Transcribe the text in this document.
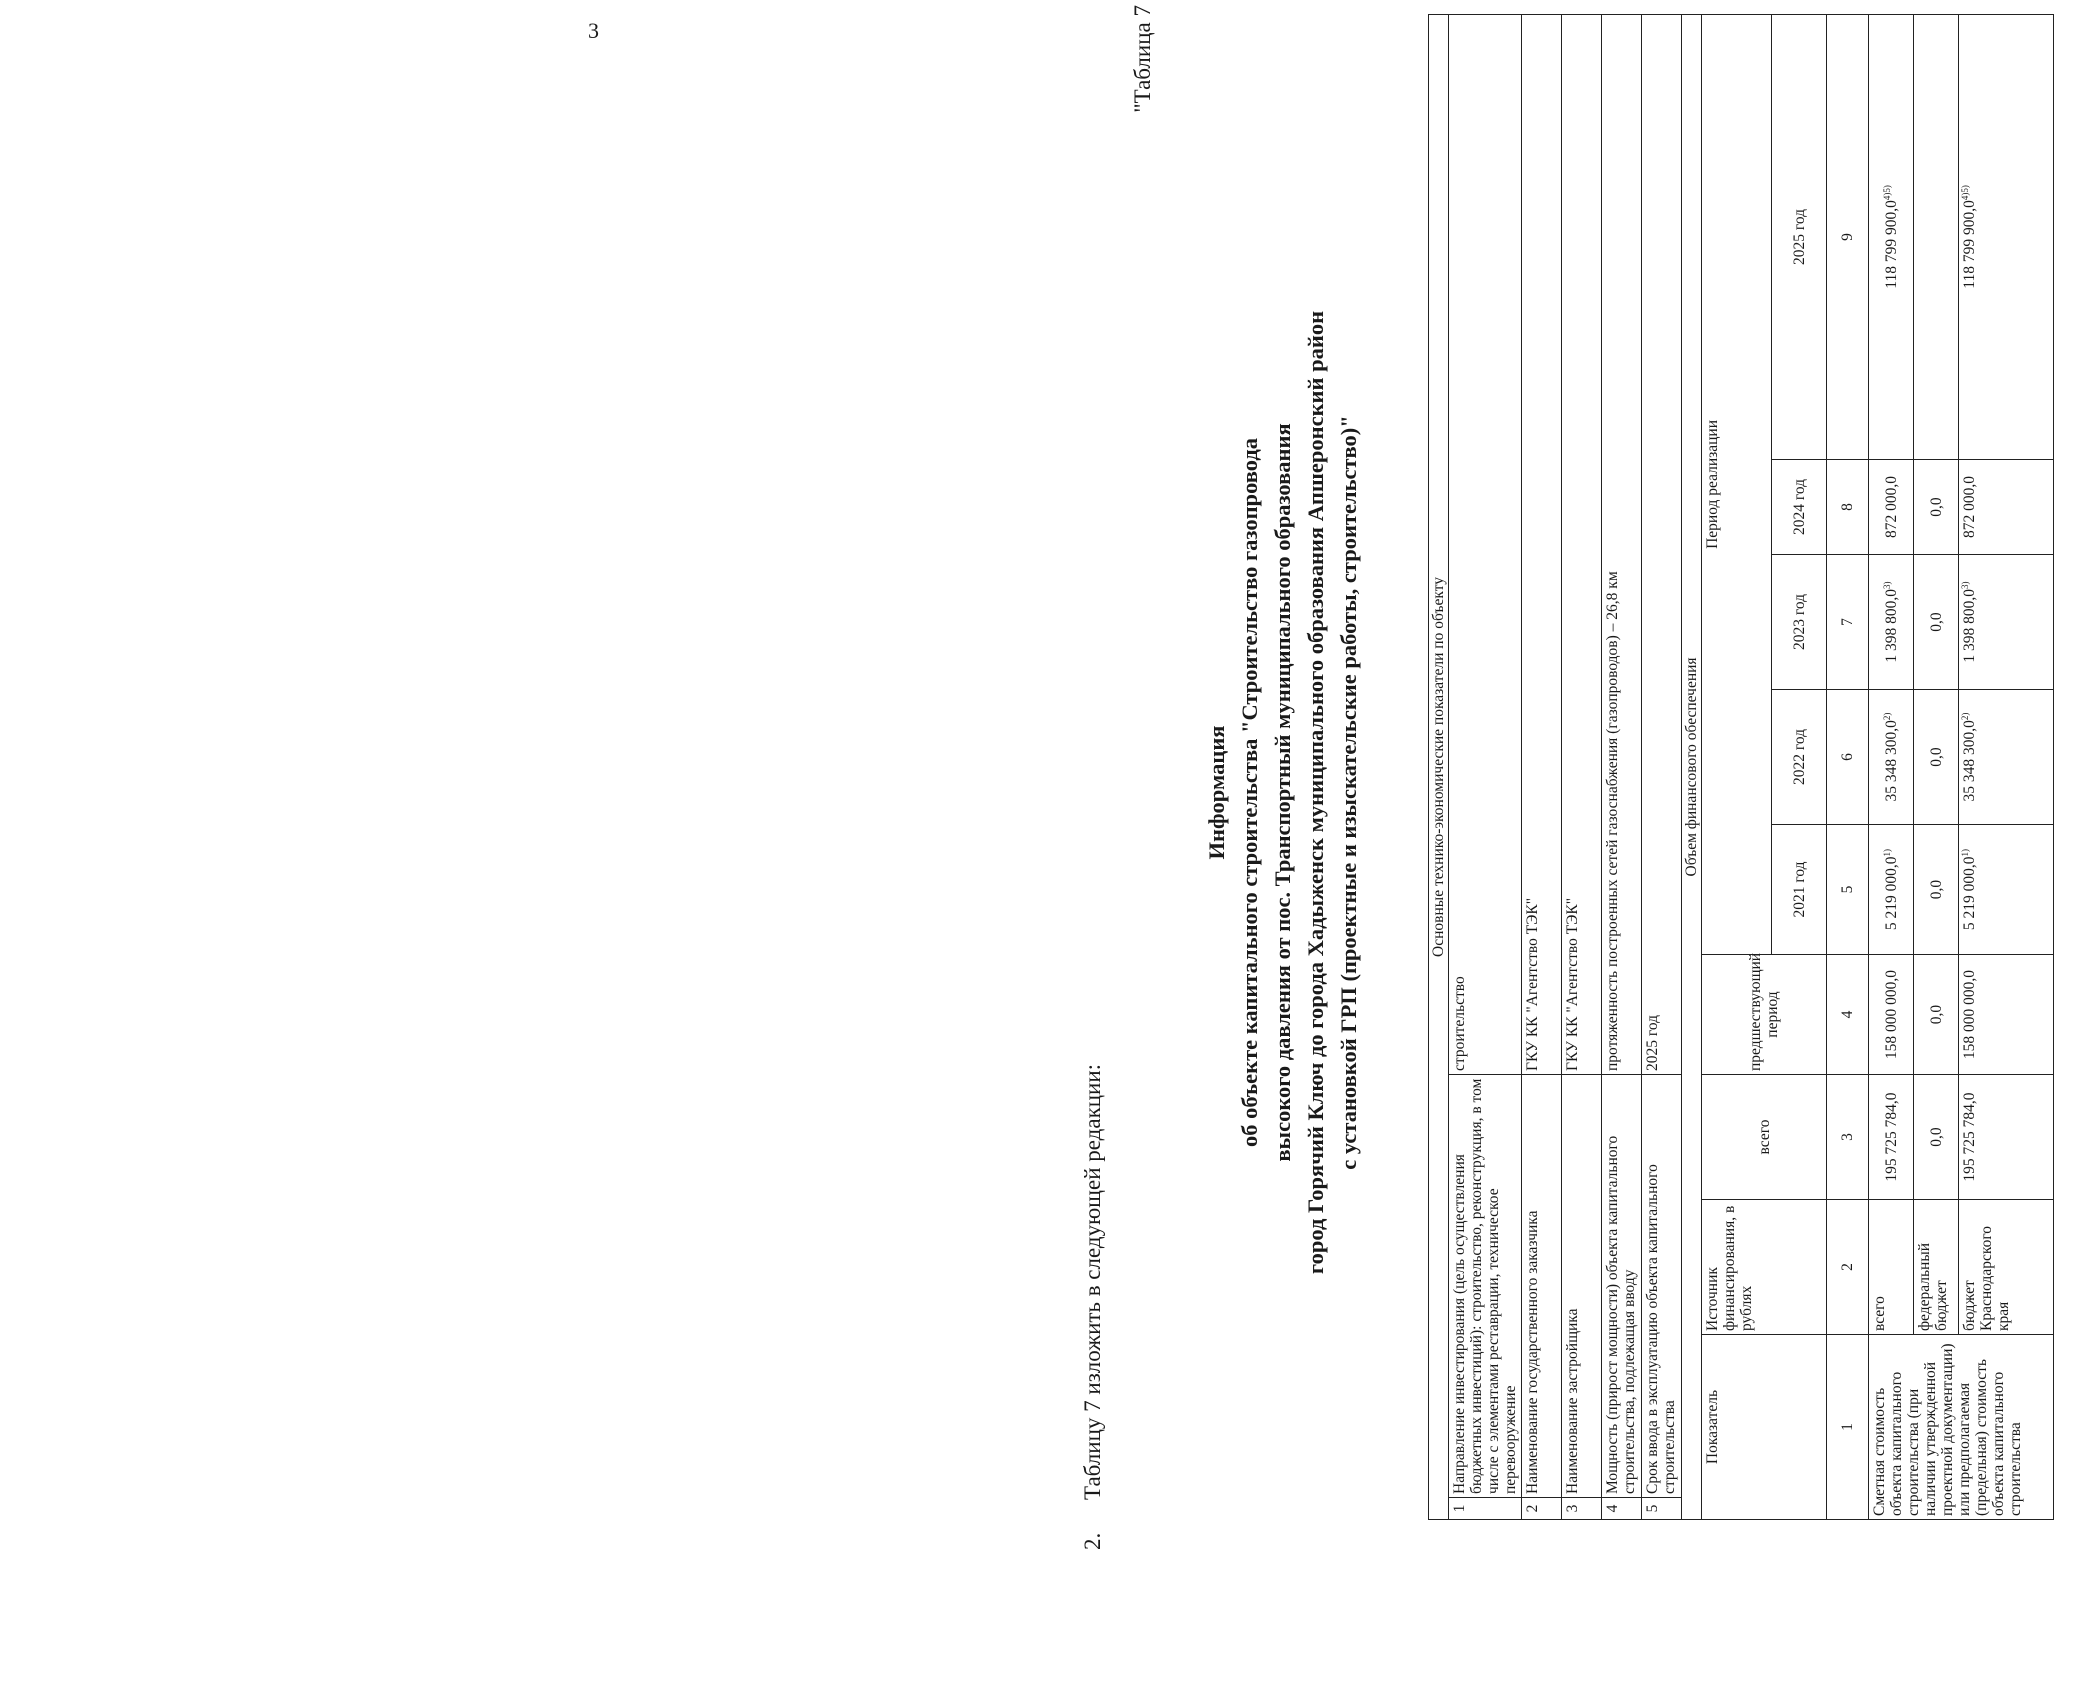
3
2.Таблицу 7 изложить в следующей редакции:
"Таблица 7
Информация об объекте капитального строительства "Строительство газопровода высокого давления от пос. Транспортный муниципального образования город Горячий Ключ до города Хадыженск муниципального образования Апшеронский район с установкой ГРП (проектные и изыскательские работы, строительство)"	Основные технико-экономические показатели по объекту									
1	Направление инвестирования (цель осуществления бюджетных инвестиций): строительство, реконструкция, в том числе с элементами реставрации, техническое перевооружение			строительство					
2	Наименование государственного заказчика			ГКУ КК "Агентство ТЭК"					
3	Наименование застройщика			ГКУ КК "Агентство ТЭК"					
4	Мощность (прирост мощности) объекта капитального строительства, подлежащая вводу			протяженность построенных сетей газоснабжения (газопроводов) – 26,8 км					
5	Срок ввода в эксплуатацию объекта капитального строительства			2025 год					
Объем финансового обеспечения									
Показатель		Источник финансирования, в рублях	всего	предшествующий период	Период реализации				
					2021 год	2022 год	2023 год	2024 год	2025 год
1		2	3	4	5	6	7	8	9
Сметная стоимость объекта капитального строительства (при наличии утвержденной проектной документации) или предполагаемая (предельная) стоимость объекта капитального строительства		всего	195 725 784,0	158 000 000,0	5 219 000,0$^{1)}$	35 348 300,0$^{2)}$	1 398 800,0$^{3)}$	872 000,0	118 799 $900,0^{4)5)}$
		федеральный бюджет	0,0	0,0	0,0	0,0	0,0	0,0	
		бюджет Краснодарского края	195 725 784,0	158 000 000,0	5 219 000,0$^{1)}$	35 348 300,0$^{2)}$	1 398 800,0$^{3)}$	872 000,0	118 799 $900,0^{4)5)}$
